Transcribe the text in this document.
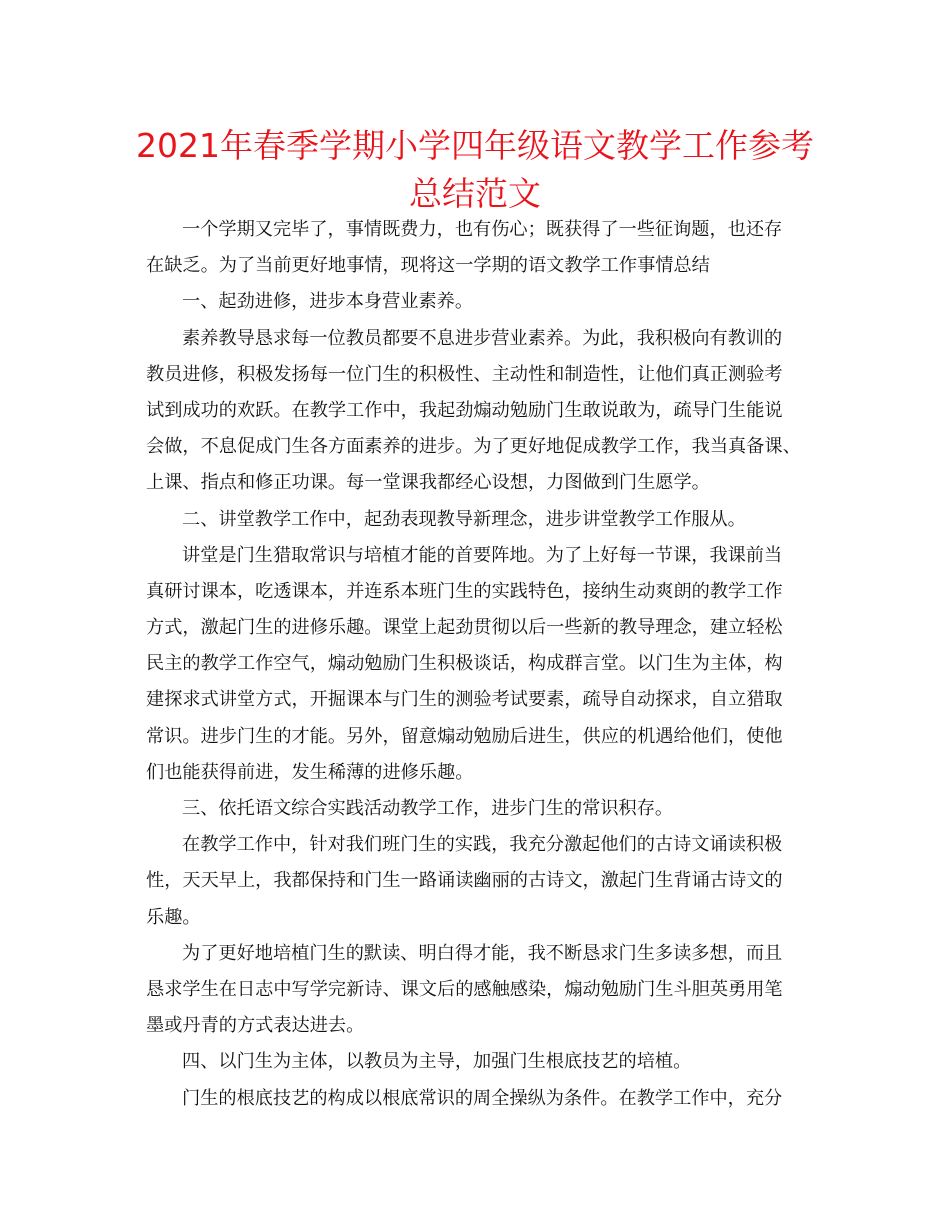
2021年春季学期小学四年级语文教学工作参考
总结范文
一个学期又完毕了，事情既费力，也有伤心；既获得了一些征询题，也还存
在缺乏。为了当前更好地事情，现将这一学期的语文教学工作事情总结
一、起劲进修，进步本身营业素养。
素养教导恳求每一位教员都要不息进步营业素养。为此，我积极向有教训的
教员进修，积极发扬每一位门生的积极性、主动性和制造性，让他们真正测验考
试到成功的欢跃。在教学工作中，我起劲煽动勉励门生敢说敢为，疏导门生能说
会做，不息促成门生各方面素养的进步。为了更好地促成教学工作，我当真备课、
上课、指点和修正功课。每一堂课我都经心设想，力图做到门生愿学。
二、讲堂教学工作中，起劲表现教导新理念，进步讲堂教学工作服从。
讲堂是门生猎取常识与培植才能的首要阵地。为了上好每一节课，我课前当
真研讨课本，吃透课本，并连系本班门生的实践特色，接纳生动爽朗的教学工作
方式，激起门生的进修乐趣。课堂上起劲贯彻以后一些新的教导理念，建立轻松
民主的教学工作空气，煽动勉励门生积极谈话，构成群言堂。以门生为主体，构
建探求式讲堂方式，开掘课本与门生的测验考试要素，疏导自动探求，自立猎取
常识。进步门生的才能。另外，留意煽动勉励后进生，供应的机遇给他们，使他
们也能获得前进，发生稀薄的进修乐趣。
三、依托语文综合实践活动教学工作，进步门生的常识积存。
在教学工作中，针对我们班门生的实践，我充分激起他们的古诗文诵读积极
性，天天早上，我都保持和门生一路诵读幽丽的古诗文，激起门生背诵古诗文的
乐趣。
为了更好地培植门生的默读、明白得才能，我不断恳求门生多读多想，而且
恳求学生在日志中写学完新诗、课文后的感触感染，煽动勉励门生斗胆英勇用笔
墨或丹青的方式表达进去。
四、以门生为主体，以教员为主导，加强门生根底技艺的培植。
门生的根底技艺的构成以根底常识的周全操纵为条件。在教学工作中，充分
